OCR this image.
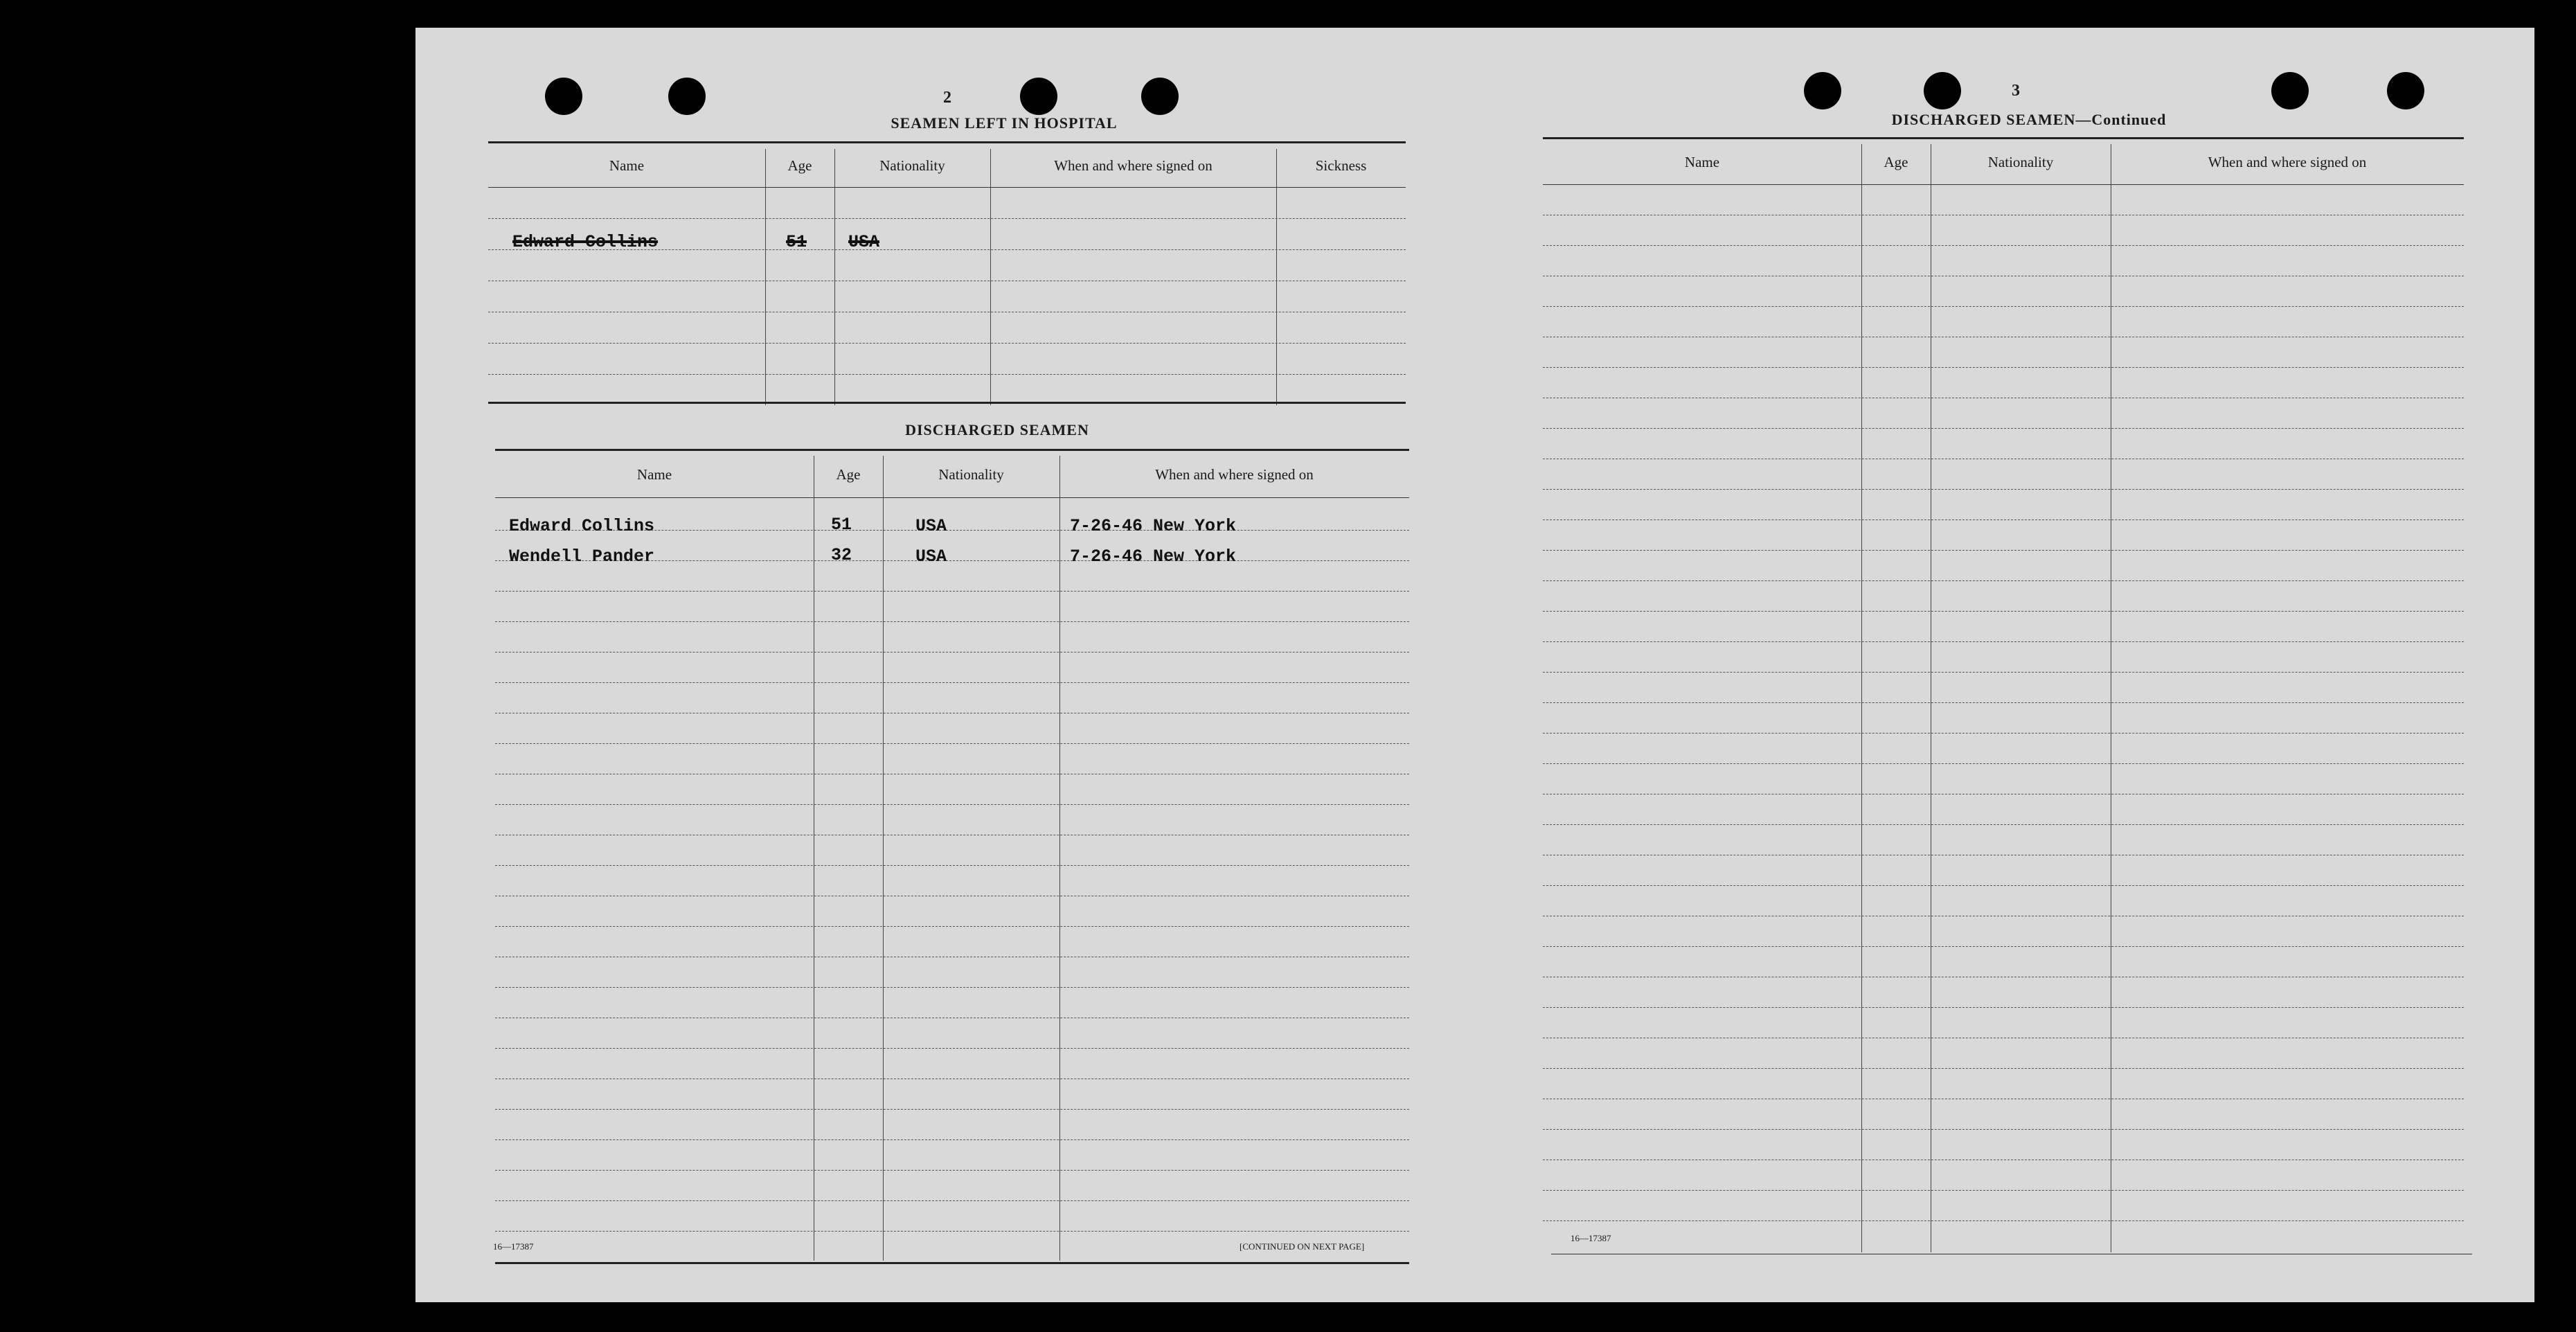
2
SEAMEN LEFT IN HOSPITAL
Name	Age	Nationality	When and where signed on	Sickness
Edward Collins	51 USA
DISCHARGED SEAMEN
Name	Age	Nationality	When and where signed on
Edward Collins	51	USA	7-26-46 New York
Wendell Pander	32	USA	7-26-46 New York
16—17387	[CONTINUED ON NEXT PAGE]
3
DISCHARGED SEAMEN—Continued
Name	Age	Nationality	When and where signed on
16—17387
